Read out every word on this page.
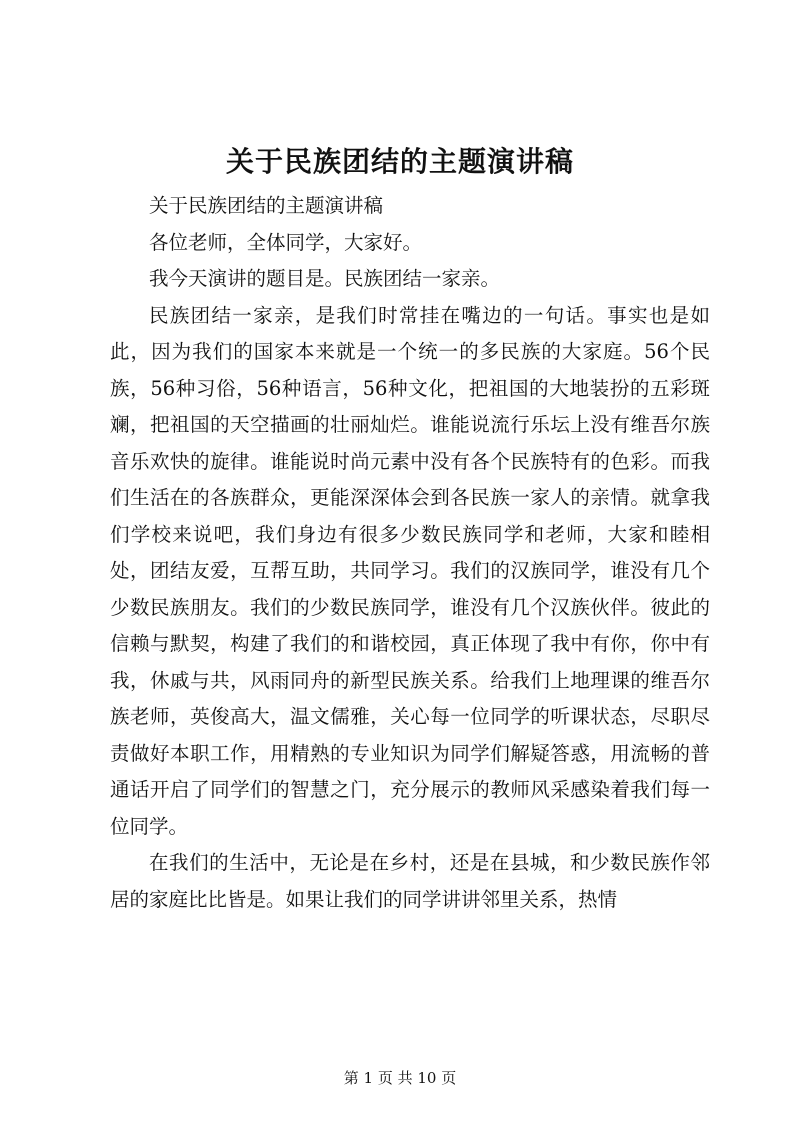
关于民族团结的主题演讲稿

关于民族团结的主题演讲稿

各位老师，全体同学，大家好。

我今天演讲的题目是。民族团结一家亲。

民族团结一家亲，是我们时常挂在嘴边的一句话。事实也是如此，因为我们的国家本来就是一个统一的多民族的大家庭。56个民族，56种习俗，56种语言，56种文化，把祖国的大地装扮的五彩斑斓，把祖国的天空描画的壮丽灿烂。谁能说流行乐坛上没有维吾尔族音乐欢快的旋律。谁能说时尚元素中没有各个民族特有的色彩。而我们生活在的各族群众，更能深深体会到各民族一家人的亲情。就拿我们学校来说吧，我们身边有很多少数民族同学和老师，大家和睦相处，团结友爱，互帮互助，共同学习。我们的汉族同学，谁没有几个少数民族朋友。我们的少数民族同学，谁没有几个汉族伙伴。彼此的信赖与默契，构建了我们的和谐校园，真正体现了我中有你，你中有我，休戚与共，风雨同舟的新型民族关系。给我们上地理课的维吾尔族老师，英俊高大，温文儒雅，关心每一位同学的听课状态，尽职尽责做好本职工作，用精熟的专业知识为同学们解疑答惑，用流畅的普通话开启了同学们的智慧之门，充分展示的教师风采感染着我们每一位同学。

在我们的生活中，无论是在乡村，还是在县城，和少数民族作邻居的家庭比比皆是。如果让我们的同学讲讲邻里关系，热情

第 1 页 共 10 页
